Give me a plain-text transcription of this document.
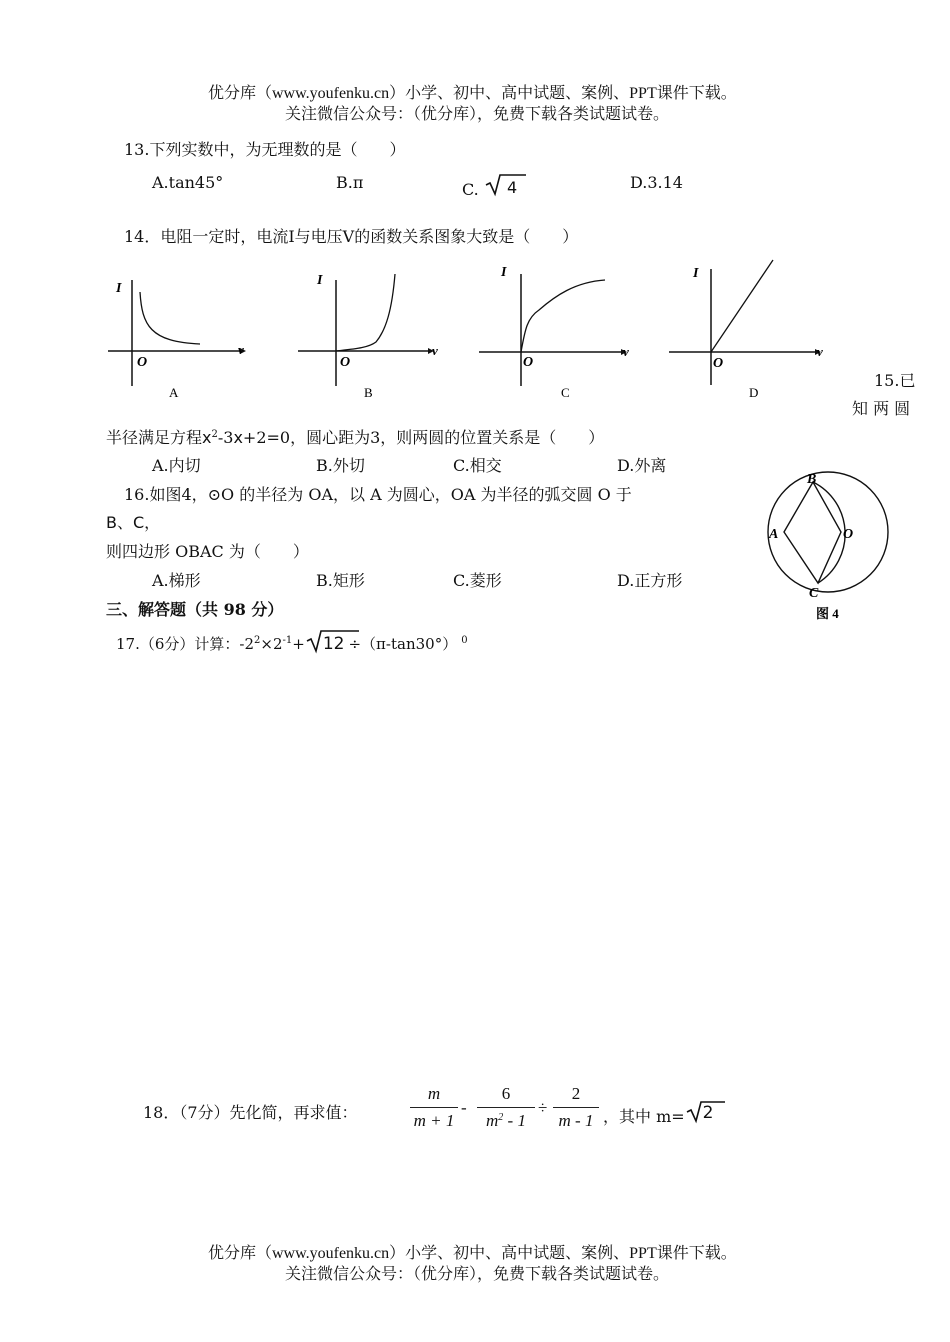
优分库（www.youfenku.cn）小学、初中、高中试题、案例、PPT课件下载。
关注微信公众号：（优分库），免费下载各类试题试卷。
13.下列实数中，为无理数的是（　　）
A.tan45°	B.π	C. 4	D.3.14
14．电阻一定时，电流Ⅰ与电压Ⅴ的函数关系图象大致是（　　）
I
v
O
A
I
v
O
B
I
v
O
C
I
v
O
D
15.已
知 两 圆
半径满足方程$x^2-3x+2=0$，圆心距为3，则两圆的位置关系是（　　）
A.内切	B.外切	C.相交	D.外离
16.如图4，⊙O 的半径为 OA，以 A 为圆心，OA 为半径的弧交圆 O 于
B、C，
则四边形 OBAC 为（　　）
A.梯形	B.矩形	C.菱形	D.正方形
A
B
O
C
图 4
三、解答题（共 98 分）
17.（6分）计算：$-2^2\times 2^{-1}+ 12 \div(\pi-\tan 30^\circ)$ $^0$
18．（7分）先化简，再求值：
m
m + 1
-
6
$m^2 - 1$
÷
2
m - 1 ，其中 m= 2
优分库（www.youfenku.cn）小学、初中、高中试题、案例、PPT课件下载。
关注微信公众号：（优分库），免费下载各类试题试卷。
